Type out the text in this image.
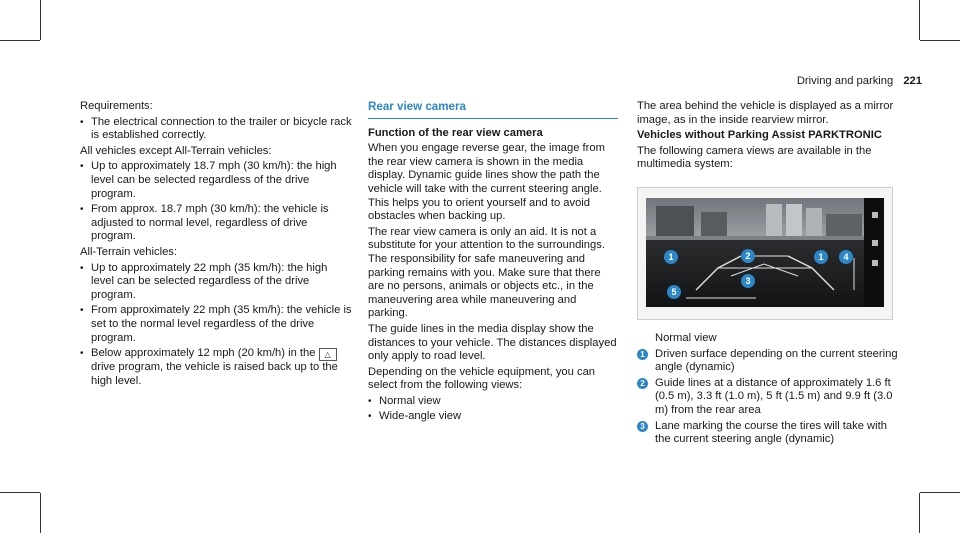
Driving and parking 221

Requirements:

• The electrical connection to the trailer or bicycle rack is established correctly.

All vehicles except All-Terrain vehicles:

• Up to approximately 18.7 mph (30 km/h): the high level can be selected regardless of the drive program.
• From approx. 18.7 mph (30 km/h): the vehicle is adjusted to normal level, regardless of drive program.

All-Terrain vehicles:

• Up to approximately 22 mph (35 km/h): the high level can be selected regardless of the drive program.
• From approximately 22 mph (35 km/h): the vehicle is set to the normal level regardless of the drive program.
• Below approximately 12 mph (20 km/h) in the △ drive program, the vehicle is raised back up to the high level.
Rear view camera

Function of the rear view camera

When you engage reverse gear, the image from the rear view camera is shown in the media display. Dynamic guide lines show the path the vehicle will take with the current steering angle. This helps you to orient yourself and to avoid obstacles when backing up.

The rear view camera is only an aid. It is not a substitute for your attention to the surroundings. The responsibility for safe maneuvering and parking remains with you. Make sure that there are no persons, animals or objects etc., in the maneuvering area while maneuvering and parking.

The guide lines in the media display show the distances to your vehicle. The distances displayed only apply to road level.

Depending on the vehicle equipment, you can select from the following views:

• Normal view
• Wide-angle view

The area behind the vehicle is displayed as a mirror image, as in the inside rearview mirror.

Vehicles without Parking Assist PARKTRONIC

The following camera views are available in the multimedia system:

1	2	1	4
3
5

Normal view

1 Driven surface depending on the current steering angle (dynamic)
2 Guide lines at a distance of approximately 1.6 ft (0.5 m), 3.3 ft (1.0 m), 5 ft (1.5 m) and 9.9 ft (3.0 m) from the rear area
3 Lane marking the course the tires will take with the current steering angle (dynamic)
